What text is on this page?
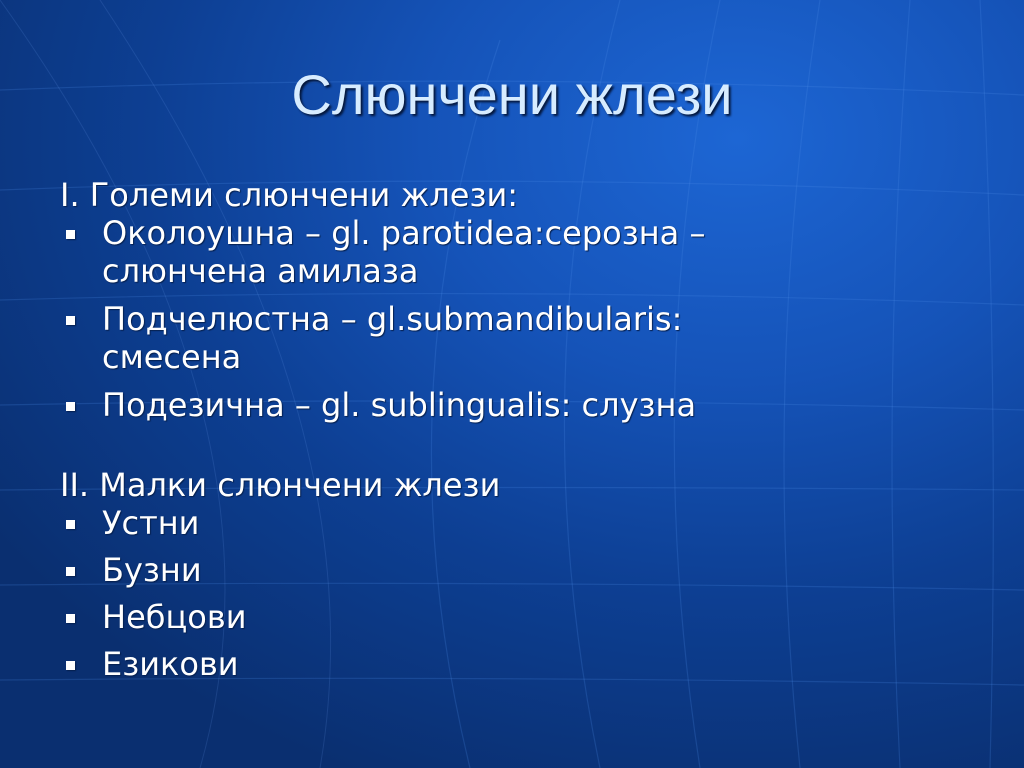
Слюнчени жлези
I. Големи слюнчени жлези:
Околоушна – gl. parotidea:серозна –
слюнчена амилаза
Подчелюстна – gl.submandibularis:
смесена
Подезична – gl. sublingualis: слузна
II. Малки слюнчени жлези
Устни
Бузни
Небцови
Езикови
